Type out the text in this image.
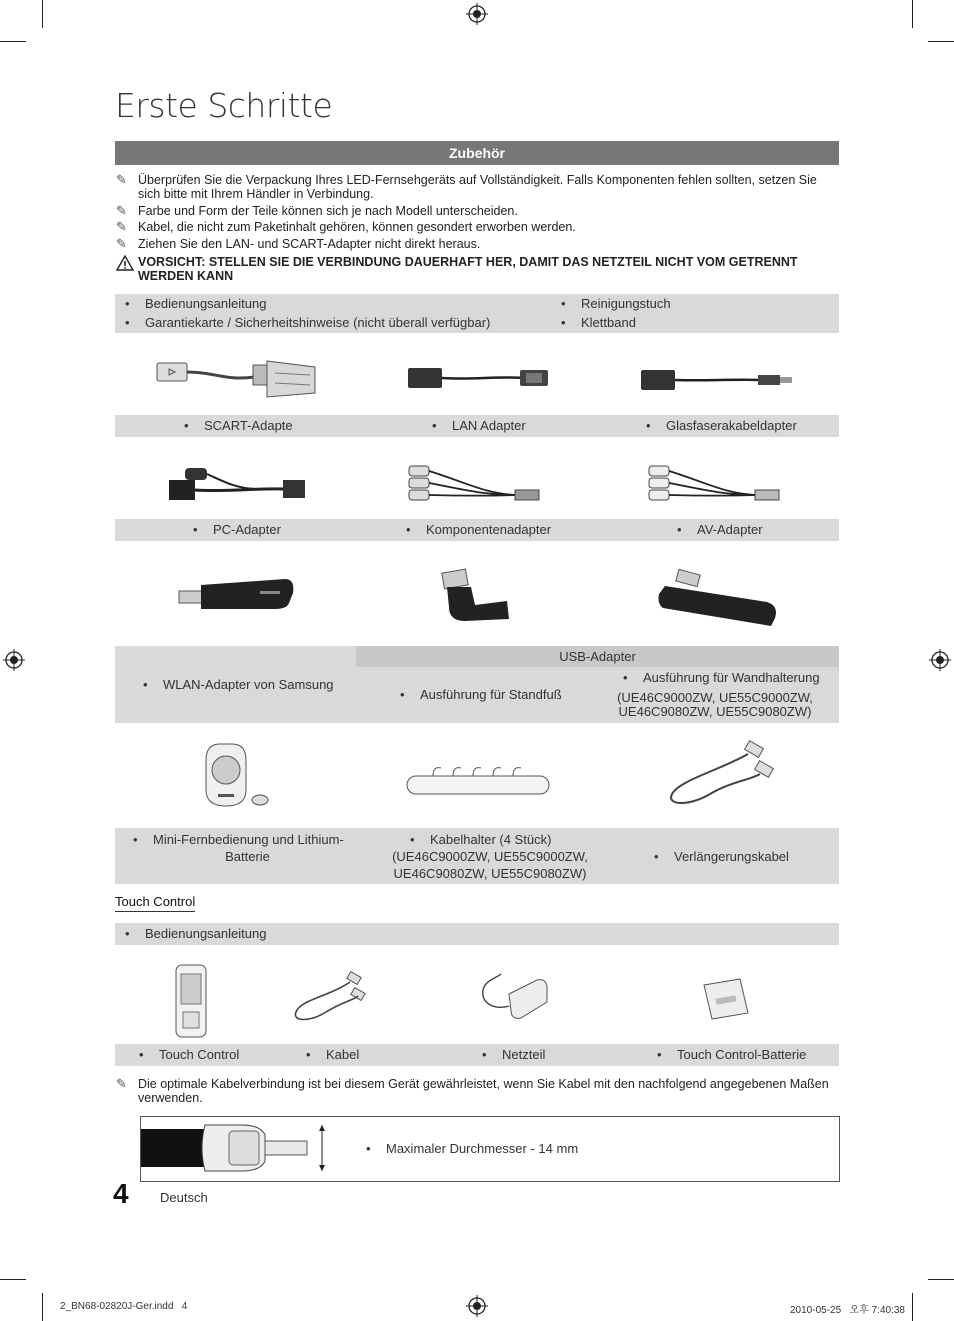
Erste Schritte
Zubehör
✎ Überprüfen Sie die Verpackung Ihres LED-Fernsehgeräts auf Vollständigkeit. Falls Komponenten fehlen sollten, setzen Sie sich bitte mit Ihrem Händler in Verbindung.
✎ Farbe und Form der Teile können sich je nach Modell unterscheiden.
✎ Kabel, die nicht zum Paketinhalt gehören, können gesondert erworben werden.
✎ Ziehen Sie den LAN- und SCART-Adapter nicht direkt heraus.
VORSICHT: STELLEN SIE DIE VERBINDUNG DAUERHAFT HER, DAMIT DAS NETZTEIL NICHT VOM GETRENNT WERDEN KANN
• Bedienungsanleitung
• Garantiekarte / Sicherheitshinweise (nicht überall verfügbar)
• Reinigungstuch
• Klettband
• SCART-Adapte	• LAN Adapter	• Glasfaserakabeldapter
• PC-Adapter	• Komponentenadapter	• AV-Adapter
USB-Adapter
• WLAN-Adapter von Samsung
• Ausführung für Standfuß
• Ausführung für Wandhalterung
(UE46C9000ZW, UE55C9000ZW,
UE46C9080ZW, UE55C9080ZW)
• Mini-Fernbedienung und Lithium-
Batterie
• Kabelhalter (4 Stück)
(UE46C9000ZW, UE55C9000ZW,
UE46C9080ZW, UE55C9080ZW)
• Verlängerungskabel
Touch Control
• Bedienungsanleitung
• Touch Control	• Kabel	• Netzteil	• Touch Control-Batterie
✎ Die optimale Kabelverbindung ist bei diesem Gerät gewährleistet, wenn Sie Kabel mit den nachfolgend angegebenen Maßen verwenden.
• Maximaler Durchmesser - 14 mm
4 Deutsch
2_BN68-02820J-Ger.indd   4	2010-05-25 오후 7:40:38
